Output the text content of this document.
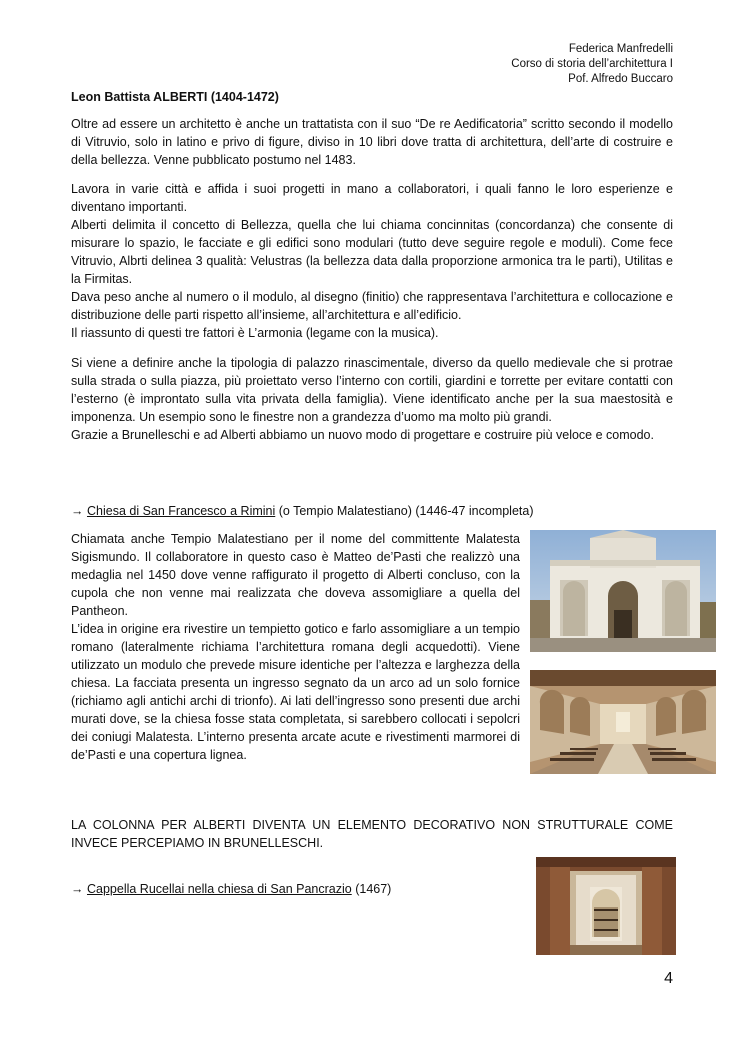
Federica Manfredelli
Corso di storia dell’architettura I
Pof. Alfredo Buccaro
Leon Battista ALBERTI (1404-1472)

Oltre ad essere un architetto è anche un trattatista con il suo “De re Aedificatoria” scritto secondo il modello di Vitruvio, solo in latino e privo di figure, diviso in 10 libri dove tratta di architettura, dell’arte di costruire e della bellezza. Venne pubblicato postumo nel 1483.

Lavora in varie città e affida i suoi progetti in mano a collaboratori, i quali fanno le loro esperienze e diventano importanti.

Alberti delimita il concetto di Bellezza, quella che lui chiama concinnitas (concordanza) che consente di misurare lo spazio, le facciate e gli edifici sono modulari (tutto deve seguire regole e moduli). Come fece Vitruvio, Albrti delinea 3 qualità: Velustras (la bellezza data dalla proporzione armonica tra le parti), Utilitas e la Firmitas.

Dava peso anche al numero o il modulo, al disegno (finitio) che rappresentava l’architettura e collocazione e distribuzione delle parti rispetto all’insieme, all’architettura e all’edificio.

Il riassunto di questi tre fattori è L’armonia (legame con la musica).

Si viene a definire anche la tipologia di palazzo rinascimentale, diverso da quello medievale che si protrae sulla strada o sulla piazza, più proiettato verso l’interno con cortili, giardini e torrette per evitare contatti con l’esterno (è improntato sulla vita privata della famiglia). Viene identificato anche per la sua maestosità e imponenza. Un esempio sono le finestre non a grandezza d’uomo ma molto più grandi.

Grazie a Brunelleschi e ad Alberti abbiamo un nuovo modo di progettare e costruire più veloce e comodo.

→ Chiesa di San Francesco a Rimini (o Tempio Malatestiano) (1446-47 incompleta)

Chiamata anche Tempio Malatestiano per il nome del committente Malatesta Sigismundo. Il collaboratore in questo caso è Matteo de’Pasti che realizzò una medaglia nel 1450 dove venne raffigurato il progetto di Alberti concluso, con la cupola che non venne mai realizzata che doveva assomigliare a quella del Pantheon.

L’idea in origine era rivestire un tempietto gotico e farlo assomigliare a un tempio romano (lateralmente richiama l’architettura romana degli acquedotti). Viene utilizzato un modulo che prevede misure identiche per l’altezza e larghezza della chiesa. La facciata presenta un ingresso segnato da un arco ad un solo fornice (richiamo agli antichi archi di trionfo). Ai lati dell’ingresso sono presenti due archi murati dove, se la chiesa fosse stata completata, si sarebbero collocati i sepolcri dei coniugi Malatesta. L’interno presenta arcate acute e rivestimenti marmorei di de’Pasti e una copertura lignea.

LA COLONNA PER ALBERTI DIVENTA UN ELEMENTO DECORATIVO NON STRUTTURALE COME INVECE PERCEPIAMO IN BRUNELLESCHI.

→ Cappella Rucellai nella chiesa di San Pancrazio (1467)
4
